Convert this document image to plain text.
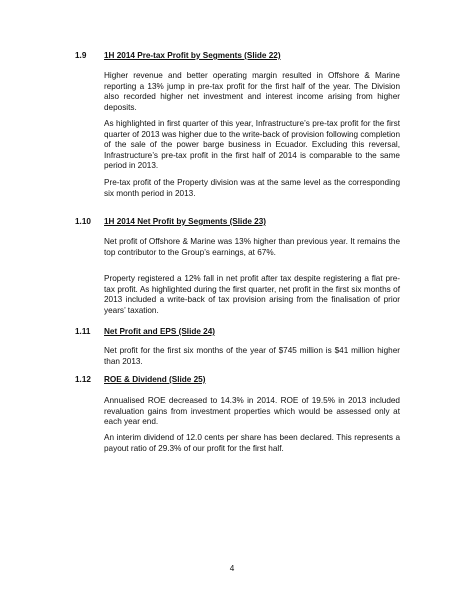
1.9 1H 2014 Pre-tax Profit by Segments (Slide 22)

Higher revenue and better operating margin resulted in Offshore & Marine reporting a 13% jump in pre-tax profit for the first half of the year. The Division also recorded higher net investment and interest income arising from higher deposits.

As highlighted in first quarter of this year, Infrastructure’s pre-tax profit for the first quarter of 2013 was higher due to the write-back of provision following completion of the sale of the power barge business in Ecuador. Excluding this reversal, Infrastructure’s pre-tax profit in the first half of 2014 is comparable to the same period in 2013.

Pre-tax profit of the Property division was at the same level as the corresponding six month period in 2013.

1.10 1H 2014 Net Profit by Segments (Slide 23)

Net profit of Offshore & Marine was 13% higher than previous year. It remains the top contributor to the Group’s earnings, at 67%.

Property registered a 12% fall in net profit after tax despite registering a flat pre-tax profit. As highlighted during the first quarter, net profit in the first six months of 2013 included a write-back of tax provision arising from the finalisation of prior years’ taxation.

1.11 Net Profit and EPS (Slide 24)

Net profit for the first six months of the year of $745 million is $41 million higher than 2013.

1.12 ROE & Dividend (Slide 25)

Annualised ROE decreased to 14.3% in 2014. ROE of 19.5% in 2013 included revaluation gains from investment properties which would be assessed only at each year end.

An interim dividend of 12.0 cents per share has been declared. This represents a payout ratio of 29.3% of our profit for the first half.

4
